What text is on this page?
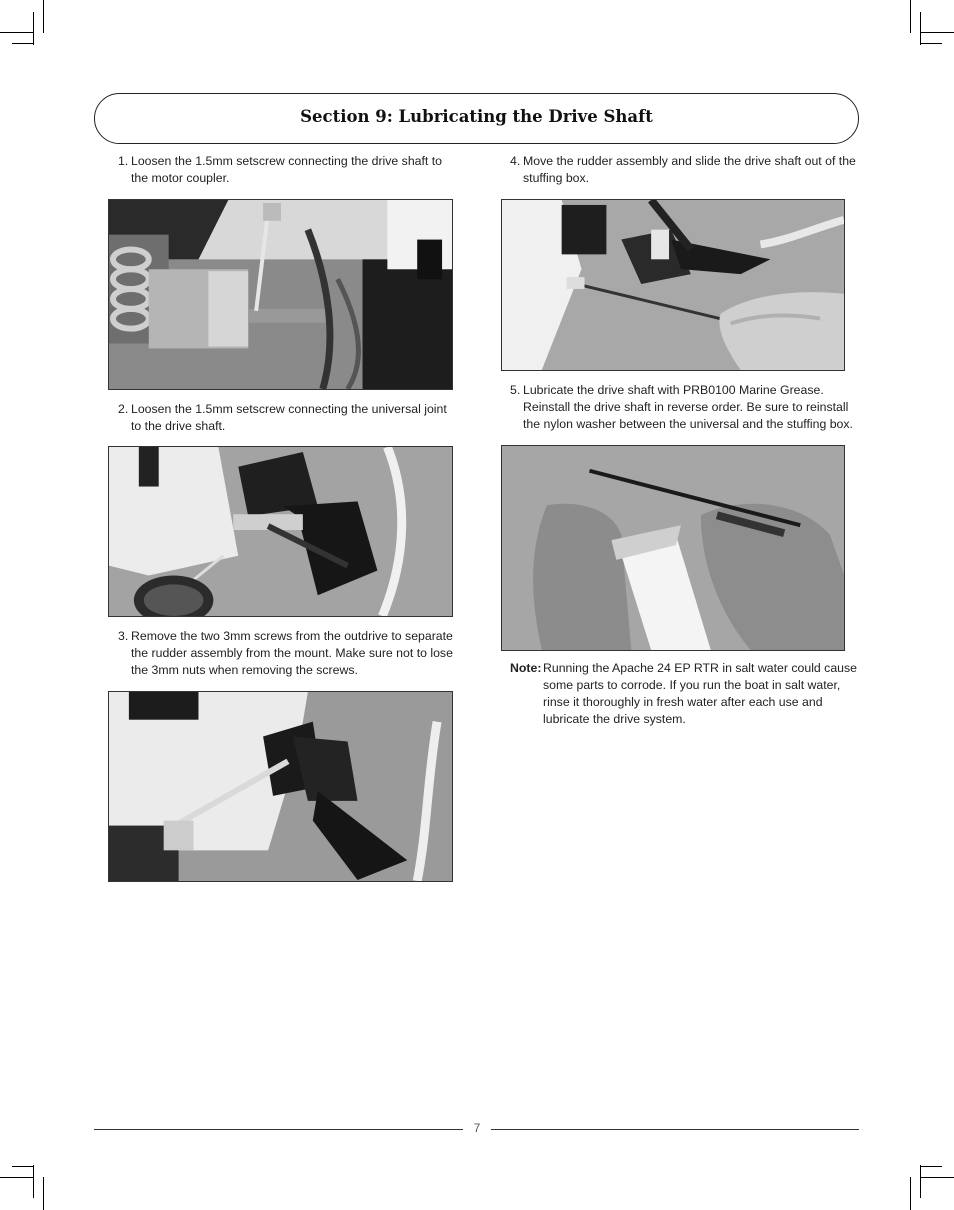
Section 9: Lubricating the Drive Shaft
1. Loosen the 1.5mm setscrew connecting the drive shaft to the motor coupler.
2. Loosen the 1.5mm setscrew connecting the universal joint to the drive shaft.
3. Remove the two 3mm screws from the outdrive to separate the rudder assembly from the mount. Make sure not to lose the 3mm nuts when removing the screws.
4. Move the rudder assembly and slide the drive shaft out of the stuffing box.
5. Lubricate the drive shaft with PRB0100 Marine Grease. Reinstall the drive shaft in reverse order. Be sure to reinstall the nylon washer between the universal and the stuffing box.
Note: Running the Apache 24 EP RTR in salt water could cause some parts to corrode. If you run the boat in salt water, rinse it thoroughly in fresh water after each use and lubricate the drive system.
7
